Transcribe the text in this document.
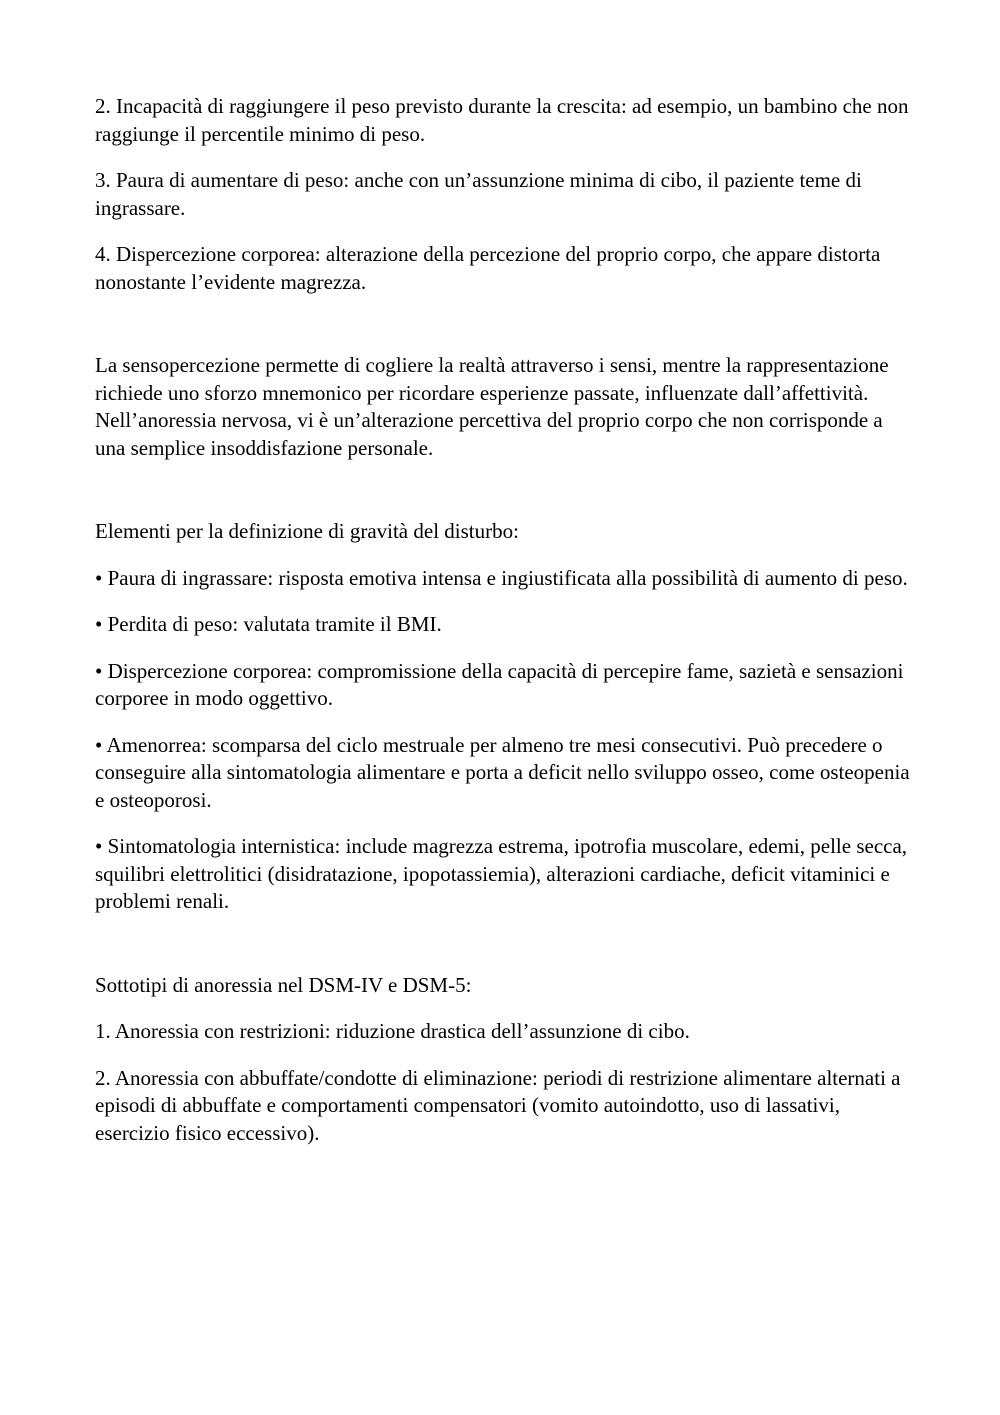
2. Incapacità di raggiungere il peso previsto durante la crescita: ad esempio, un bambino che non raggiunge il percentile minimo di peso.

3. Paura di aumentare di peso: anche con un’assunzione minima di cibo, il paziente teme di ingrassare.

4. Dispercezione corporea: alterazione della percezione del proprio corpo, che appare distorta nonostante l’evidente magrezza.

La sensopercezione permette di cogliere la realtà attraverso i sensi, mentre la rappresentazione richiede uno sforzo mnemonico per ricordare esperienze passate, influenzate dall’affettività. Nell’anoressia nervosa, vi è un’alterazione percettiva del proprio corpo che non corrisponde a una semplice insoddisfazione personale.

Elementi per la definizione di gravità del disturbo:

• Paura di ingrassare: risposta emotiva intensa e ingiustificata alla possibilità di aumento di peso.

• Perdita di peso: valutata tramite il BMI.

• Dispercezione corporea: compromissione della capacità di percepire fame, sazietà e sensazioni corporee in modo oggettivo.

• Amenorrea: scomparsa del ciclo mestruale per almeno tre mesi consecutivi. Può precedere o conseguire alla sintomatologia alimentare e porta a deficit nello sviluppo osseo, come osteopenia e osteoporosi.

• Sintomatologia internistica: include magrezza estrema, ipotrofia muscolare, edemi, pelle secca, squilibri elettrolitici (disidratazione, ipopotassiemia), alterazioni cardiache, deficit vitaminici e problemi renali.

Sottotipi di anoressia nel DSM-IV e DSM-5:

1. Anoressia con restrizioni: riduzione drastica dell’assunzione di cibo.

2. Anoressia con abbuffate/condotte di eliminazione: periodi di restrizione alimentare alternati a episodi di abbuffate e comportamenti compensatori (vomito autoindotto, uso di lassativi, esercizio fisico eccessivo).
